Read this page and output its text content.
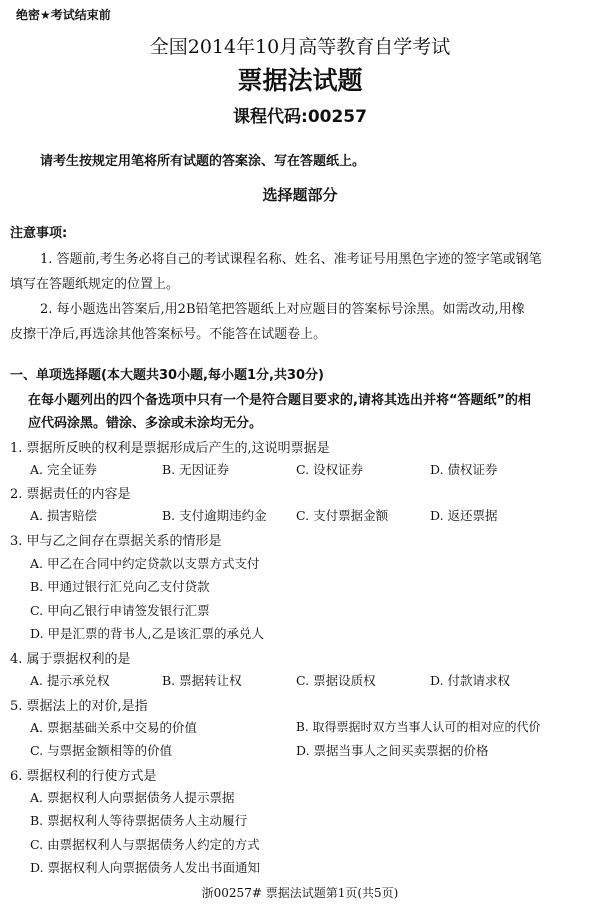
绝密★考试结束前
全国2014年10月高等教育自学考试
票据法试题
课程代码:00257
请考生按规定用笔将所有试题的答案涂、写在答题纸上。
选择题部分
注意事项:
1. 答题前,考生务必将自己的考试课程名称、姓名、准考证号用黑色字迹的签字笔或钢笔
填写在答题纸规定的位置上。
2. 每小题选出答案后,用2B铅笔把答题纸上对应题目的答案标号涂黑。如需改动,用橡
皮擦干净后,再选涂其他答案标号。不能答在试题卷上。
一、单项选择题(本大题共30小题,每小题1分,共30分)
在每小题列出的四个备选项中只有一个是符合题目要求的,请将其选出并将“答题纸”的相
应代码涂黑。错涂、多涂或未涂均无分。
1. 票据所反映的权利是票据形成后产生的,这说明票据是
A. 完全证券	B. 无因证券	C. 设权证券	D. 债权证券
2. 票据责任的内容是
A. 损害赔偿	B. 支付逾期违约金 C. 支付票据金额	D. 返还票据
3. 甲与乙之间存在票据关系的情形是
A. 甲乙在合同中约定贷款以支票方式支付
B. 甲通过银行汇兑向乙支付贷款
C. 甲向乙银行申请签发银行汇票
D. 甲是汇票的背书人,乙是该汇票的承兑人
4. 属于票据权利的是
A. 提示承兑权	B. 票据转让权	C. 票据设质权	D. 付款请求权
5. 票据法上的对价,是指
A. 票据基础关系中交易的价值	B. 取得票据时双方当事人认可的相对应的代价
C. 与票据金额相等的价值	D. 票据当事人之间买卖票据的价格
6. 票据权利的行使方式是
A. 票据权利人向票据债务人提示票据
B. 票据权利人等待票据债务人主动履行
C. 由票据权利人与票据债务人约定的方式
D. 票据权利人向票据债务人发出书面通知
浙00257# 票据法试题第1页(共5页)
